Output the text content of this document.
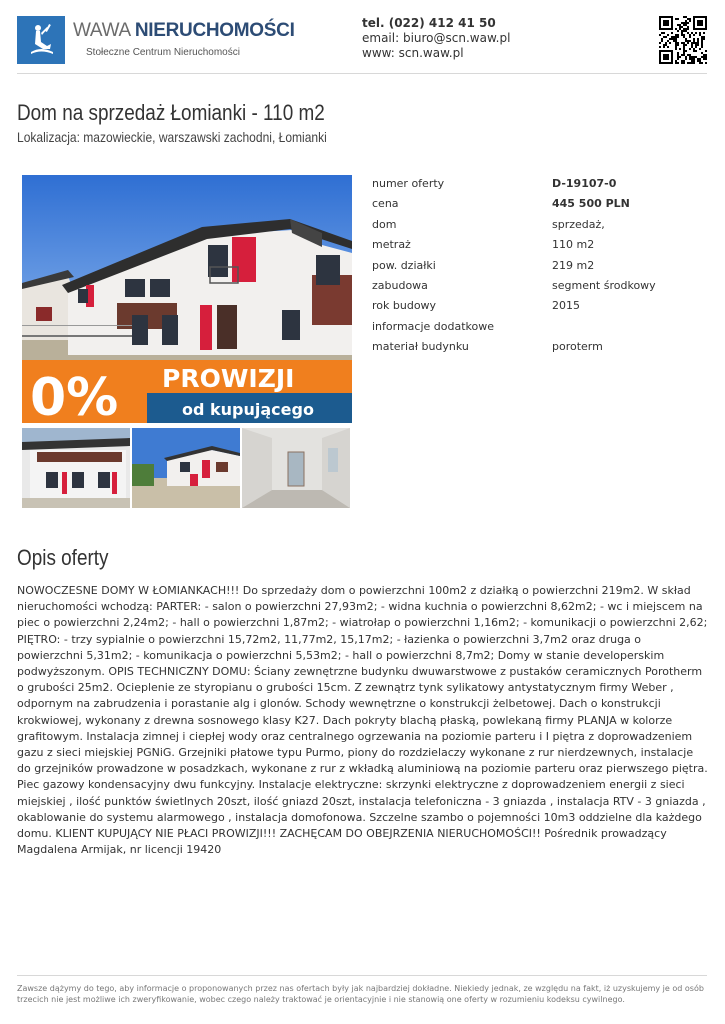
WAWA NIERUCHOMOŚCI
Stołeczne Centrum Nieruchomości
tel. (022) 412 41 50
email: biuro@scn.waw.pl
www: scn.waw.pl
Dom na sprzedaż Łomianki - 110 m2
Lokalizacja: mazowieckie, warszawski zachodni, Łomianki
0% PROWIZJI
od kupującego
numer oferty	D-19107-0
cena	445 500 PLN
dom	sprzedaż,
metraż	110 m2
pow. działki	219 m2
zabudowa	segment środkowy
rok budowy	2015
informacje dodatkowe
materiał budynku	poroterm
Opis oferty
NOWOCZESNE DOMY W ŁOMIANKACH!!! Do sprzedaży dom o powierzchni 100m2 z działką o powierzchni 219m2. W skład nieruchomości wchodzą: PARTER: - salon o powierzchni 27,93m2; - widna kuchnia o powierzchni 8,62m2; - wc i miejscem na piec o powierzchni 2,24m2; - hall o powierzchni 1,87m2; - wiatrołap o powierzchni 1,16m2; - komunikacji o powierzchni 2,62; PIĘTRO: - trzy sypialnie o powierzchni 15,72m2, 11,77m2, 15,17m2; - łazienka o powierzchni 3,7m2 oraz druga o powierzchni 5,31m2; - komunikacja o powierzchni 5,53m2; - hall o powierzchni 8,7m2; Domy w stanie developerskim podwyższonym. OPIS TECHNICZNY DOMU: Ściany zewnętrzne budynku dwuwarstwowe z pustaków ceramicznych Porotherm o grubości 25m2. Ocieplenie ze styropianu o grubości 15cm. Z zewnątrz tynk sylikatowy antystatycznym firmy Weber , odpornym na zabrudzenia i porastanie alg i glonów. Schody wewnętrzne o konstrukcji żelbetowej. Dach o konstrukcji krokwiowej, wykonany z drewna sosnowego klasy K27. Dach pokryty blachą płaską, powlekaną firmy PLANJA w kolorze grafitowym. Instalacja zimnej i ciepłej wody oraz centralnego ogrzewania na poziomie parteru i I piętra z doprowadzeniem gazu z sieci miejskiej PGNiG. Grzejniki płatowe typu Purmo, piony do rozdzielaczy wykonane z rur nierdzewnych, instalacje do grzejników prowadzone w posadzkach, wykonane z rur z wkładką aluminiową na poziomie parteru oraz pierwszego piętra. Piec gazowy kondensacyjny dwu funkcyjny. Instalacje elektryczne: skrzynki elektryczne z doprowadzeniem energii z sieci miejskiej , ilość punktów świetlnych 20szt, ilość gniazd 20szt, instalacja telefoniczna - 3 gniazda , instalacja RTV - 3 gniazda , okablowanie do systemu alarmowego , instalacja domofonowa. Szczelne szambo o pojemności 10m3 oddzielne dla każdego domu. KLIENT KUPUJĄCY NIE PŁACI PROWIZJI!!! ZACHĘCAM DO OBEJRZENIA NIERUCHOMOŚCI!! Pośrednik prowadzący Magdalena Armijak, nr licencji 19420
Zawsze dążymy do tego, aby informacje o proponowanych przez nas ofertach były jak najbardziej dokładne. Niekiedy jednak, ze względu na fakt, iż uzyskujemy je od osób trzecich nie jest możliwe ich zweryfikowanie, wobec czego należy traktować je orientacyjnie i nie stanowią one oferty w rozumieniu kodeksu cywilnego.
